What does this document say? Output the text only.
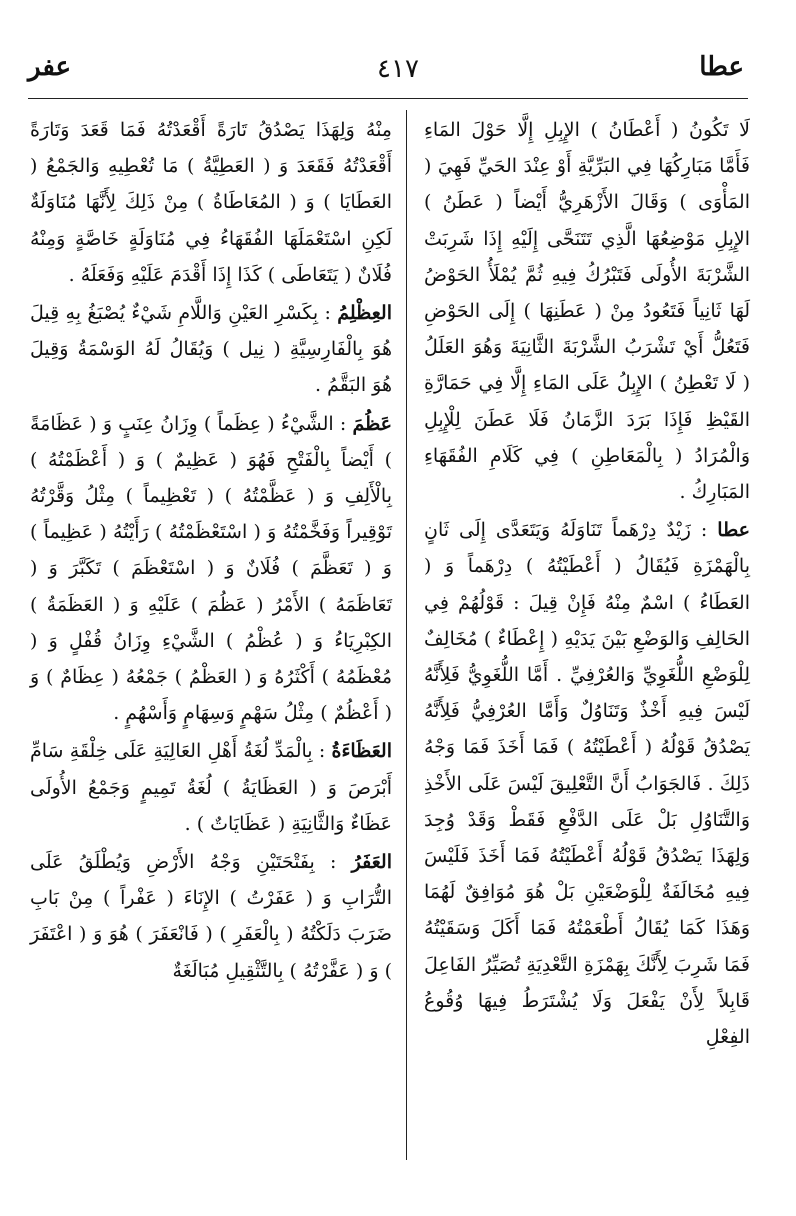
عطا
٤١٧
عفر

لَا تَكُونُ ( أَعْطَانُ ) الإِبِلِ إِلَّا حَوْلَ المَاءِ فَأَمَّا مَبَارِكُهَا فِي البَرِّيَّةِ أَوْ عِنْدَ الحَيِّ فَهِيَ ( المَأْوَى ) وَقَالَ الأَزْهَرِيُّ أَيْضاً ( عَطَنُ ) الإِبِلِ مَوْضِعُهَا الَّذِي تَتَنَحَّى إِلَيْهِ إِذَا شَرِبَتْ الشَّرْبَةَ الأُولَى فَتَبْرُكُ فِيهِ ثُمَّ يُمْلَأُ الحَوْضُ لَهَا ثَانِياً فَتَعُودُ مِنْ ( عَطَنِهَا ) إِلَى الحَوْضِ فَتَعُلُّ أَيْ تَشْرَبُ الشَّرْبَةَ الثَّانِيَةَ وَهُوَ العَلَلُ ( لَا تَعْطِنُ ) الإِبِلُ عَلَى المَاءِ إِلَّا فِي حَمَارَّةِ القَيْظِ فَإِذَا بَرَدَ الزَّمَانُ فَلَا عَطَنَ لِلْإِبِلِ وَالْمُرَادُ ( بِالْمَعَاطِنِ ) فِي كَلَامِ الفُقَهَاءِ المَبَارِكُ .

عطا : زَيْدٌ دِرْهَماً تَنَاوَلَهُ وَيَتَعَدَّى إِلَى ثَانٍ بِالْهَمْزَةِ فَيُقَالُ ( أَعْطَيْتُهُ ) دِرْهَماً وَ ( العَطَاءُ ) اسْمٌ مِنْهُ فَإِنْ قِيلَ : قَوْلُهُمْ فِي الحَالِفِ وَالوَضْعِ بَيْنَ يَدَيْهِ ( إِعْطَاءٌ ) مُخَالِفٌ لِلْوَضْعِ اللُّغَوِيِّ وَالعُرْفِيِّ . أَمَّا اللُّغَوِيُّ فَلِأَنَّهُ لَيْسَ فِيهِ أَخْذٌ وَتَنَاوُلٌ وَأَمَّا العُرْفِيُّ فَلِأَنَّهُ يَصْدُقُ قَوْلُهُ ( أَعْطَيْتُهُ ) فَمَا أَخَذَ فَمَا وَجْهُ ذَلِكَ . فَالجَوَابُ أَنَّ التَّعْلِيقَ لَيْسَ عَلَى الأَخْذِ وَالتَّنَاوُلِ بَلْ عَلَى الدَّفْعِ فَقَطْ وَقَدْ وُجِدَ وَلِهَذَا يَصْدُقُ قَوْلُهُ أَعْطَيْتُهُ فَمَا أَخَذَ فَلَيْسَ فِيهِ مُخَالَفَةٌ لِلْوَضْعَيْنِ بَلْ هُوَ مُوَافِقٌ لَهُمَا وَهَذَا كَمَا يُقَالُ أَطْعَمْتُهُ فَمَا أَكَلَ وَسَقَيْتُهُ فَمَا شَرِبَ لِأَنَّكَ بِهَمْزَةِ التَّعْدِيَةِ تُصَيِّرُ الفَاعِلَ قَابِلاً لِأَنْ يَفْعَلَ وَلَا يُشْتَرَطُ فِيهَا وُقُوعُ الفِعْلِ

مِنْهُ وَلِهَذَا يَصْدُقُ تَارَةً أَقْعَدْتُهُ فَمَا قَعَدَ وَتَارَةً أَقْعَدْتُهُ فَقَعَدَ وَ ( العَطِيَّةُ ) مَا تُعْطِيهِ وَالجَمْعُ ( العَطَايَا ) وَ ( المُعَاطَاةُ ) مِنْ ذَلِكَ لِأَنَّهَا مُنَاوَلَةٌ لَكِنِ اسْتَعْمَلَهَا الفُقَهَاءُ فِي مُنَاوَلَةٍ خَاصَّةٍ وَمِنْهُ فُلَانٌ ( يَتَعَاطَى ) كَذَا إِذَا أَقْدَمَ عَلَيْهِ وَفَعَلَهُ .

العِظْلِمُ : بِكَسْرِ العَيْنِ وَاللَّامِ شَيْءٌ يُصْبَغُ بِهِ قِيلَ هُوَ بِالْفَارِسِيَّةِ ( نِيل ) وَيُقَالُ لَهُ الوَسْمَةُ وَقِيلَ هُوَ البَقَّمُ .

عَظُمَ : الشَّيْءُ ( عِظَماً ) وِزَانُ عِنَبٍ وَ ( عَظَامَةً ) أَيْضاً بِالْفَتْحِ فَهُوَ ( عَظِيمٌ ) وَ ( أَعْظَمْتُهُ ) بِالْأَلِفِ وَ ( عَظَّمْتُهُ ) ( تَعْظِيماً ) مِثْلُ وَقَّرْتُهُ تَوْقِيراً وَفَخَّمْتُهُ وَ ( اسْتَعْظَمْتُهُ ) رَأَيْتُهُ ( عَظِيماً ) وَ ( تَعَظَّمَ ) فُلَانٌ وَ ( اسْتَعْظَمَ ) تَكَبَّرَ وَ ( تَعَاظَمَهُ ) الأَمْرُ ( عَظُمَ ) عَلَيْهِ وَ ( العَظَمَةُ ) الكِبْرِيَاءُ وَ ( عُظْمُ ) الشَّيْءِ وِزَانُ قُفْلٍ وَ ( مُعْظَمُهُ ) أَكْثَرُهُ وَ ( العَظْمُ ) جَمْعُهُ ( عِظَامٌ ) وَ ( أَعْظُمٌ ) مِثْلُ سَهْمٍ وَسِهَامٍ وَأَسْهُمٍ .

العَظَاءَةُ : بِالْمَدِّ لُغَةُ أَهْلِ العَالِيَةِ عَلَى خِلْقَةِ سَامِّ أَبْرَصَ وَ ( العَظَايَةُ ) لُغَةُ تَمِيمٍ وَجَمْعُ الأُولَى عَظَاءٌ وَالثَّانِيَةِ ( عَظَايَاتٌ ) .

العَفَرُ : بِفَتْحَتَيْنِ وَجْهُ الأَرْضِ وَيُطْلَقُ عَلَى التُّرَابِ وَ ( عَفَرْتُ ) الإِنَاءَ ( عَفْراً ) مِنْ بَابِ ضَرَبَ دَلَكْتُهُ ( بِالْعَفَرِ ) ( فَانْعَفَرَ ) هُوَ وَ ( اعْتَفَرَ ) وَ ( عَفَّرْتُهُ ) بِالتَّثْقِيلِ مُبَالَغَةٌ
